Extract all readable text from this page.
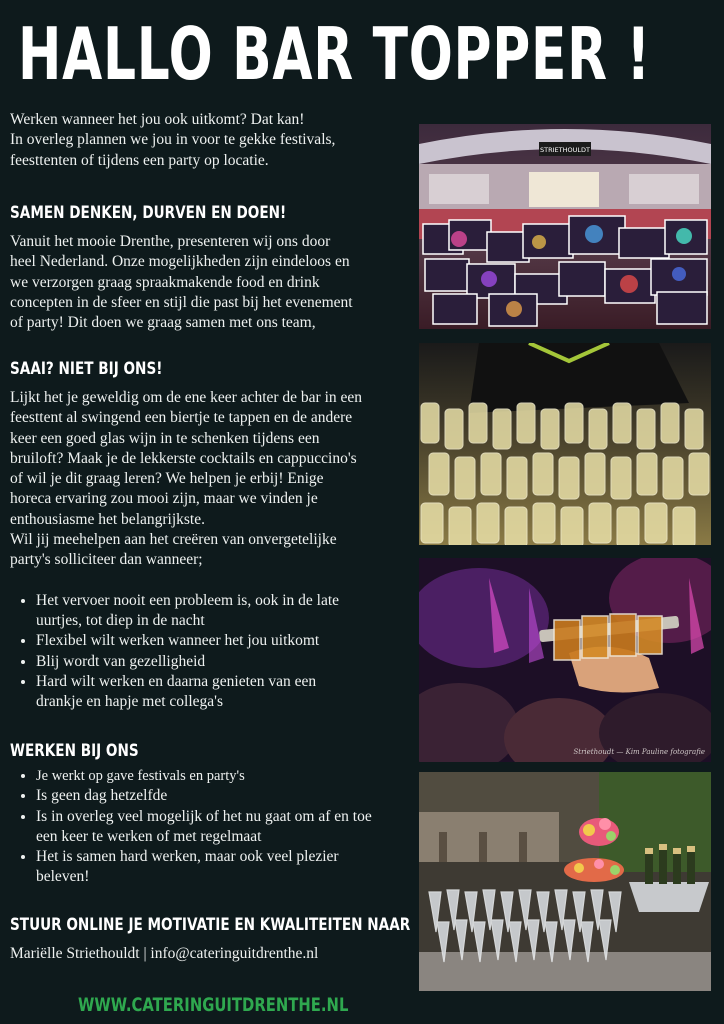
HALLO BAR TOPPER !

Werken wanneer het jou ook uitkomt? Dat kan!

In overleg plannen we jou in voor te gekke festivals,

feesttenten of tijdens een party op locatie.

SAMEN DENKEN, DURVEN EN DOEN!

Vanuit het mooie Drenthe, presenteren wij ons door

heel Nederland. Onze mogelijkheden zijn eindeloos en

we verzorgen graag spraakmakende food en drink

concepten in de sfeer en stijl die past bij het evenement

of party! Dit doen we graag samen met ons team,

SAAI? NIET BIJ ONS!

Lijkt het je geweldig om de ene keer achter de bar in een

feesttent al swingend een biertje te tappen en de andere

keer een goed glas wijn in te schenken tijdens een

bruiloft? Maak je de lekkerste cocktails en cappuccino's

of wil je dit graag leren? We helpen je erbij! Enige

horeca ervaring zou mooi zijn, maar we vinden je

enthousiasme het belangrijkste.

Wil jij meehelpen aan het creëren van onvergetelijke

party's solliciteer dan wanneer;

• Het vervoer nooit een probleem is, ook in de late
uurtjes, tot diep in de nacht
• Flexibel wilt werken wanneer het jou uitkomt
• Blij wordt van gezelligheid
• Hard wilt werken en daarna genieten van een
drankje en hapje met collega's
WERKEN BIJ ONS
• Je werkt op gave festivals en party's
• Is geen dag hetzelfde
• Is in overleg veel mogelijk of het nu gaat om af en toe
een keer te werken of met regelmaat
• Het is samen hard werken, maar ook veel plezier
beleven!
STUUR ONLINE JE MOTIVATIE EN KWALITEITEN NAAR

Mariëlle Striethouldt | info@cateringuitdrenthe.nl

WWW.CATERINGUITDRENTHE.NL
STRIETHOULDT
Striethoudt — Kim Pauline fotografie
